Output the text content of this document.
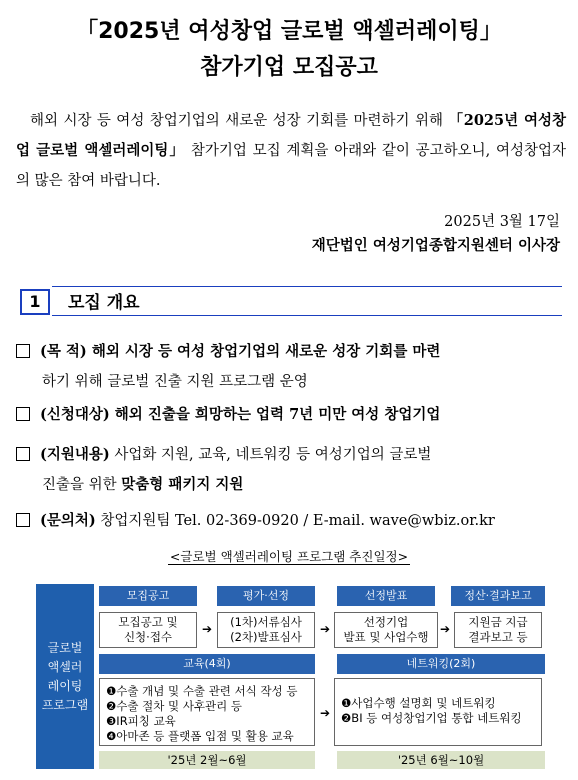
「2025년 여성창업 글로벌 액셀러레이팅」
참가기업 모집공고
해외 시장 등 여성 창업기업의 새로운 성장 기회를 마련하기 위해 「2025년 여성창업 글로벌 액셀러레이팅」 참가기업 모집 계획을 아래와 같이 공고하오니, 여성창업자의 많은 참여 바랍니다.
2025년 3월 17일
재단법인 여성기업종합지원센터 이사장
1	모집 개요
(목 적) 해외 시장 등 여성 창업기업의 새로운 성장 기회를 마련
하기 위해 글로벌 진출 지원 프로그램 운영
(신청대상) 해외 진출을 희망하는 업력 7년 미만 여성 창업기업
(지원내용) 사업화 지원, 교육, 네트워킹 등 여성기업의 글로벌
진출을 위한 맞춤형 패키지 지원
(문의처) 창업지원팀 Tel. 02-369-0920 / E-mail. wave@wbiz.or.kr
<글로벌 액셀러레이팅 프로그램 추진일정>
글로벌
액셀러
레이팅
프로그램
모집공고	평가·선정	선정발표	정산·결과보고
모집공고 및
신청·접수
➔	(1차)서류심사
(2차)발표심사
➔	선정기업
발표 및 사업수행
➔	지원금 지급
결과보고 등
교육(4회)	네트워킹(2회)
❶수출 개념 및 수출 관련 서식 작성 등
❷수출 절차 및 사후관리 등
❸IR피칭 교육
❹아마존 등 플랫폼 입점 및 활용 교육
➔
❶사업수행 설명회 및 네트워킹
❷BI 등 여성창업기업 통합 네트워킹
'25년 2월~6월	'25년 6월~10월
